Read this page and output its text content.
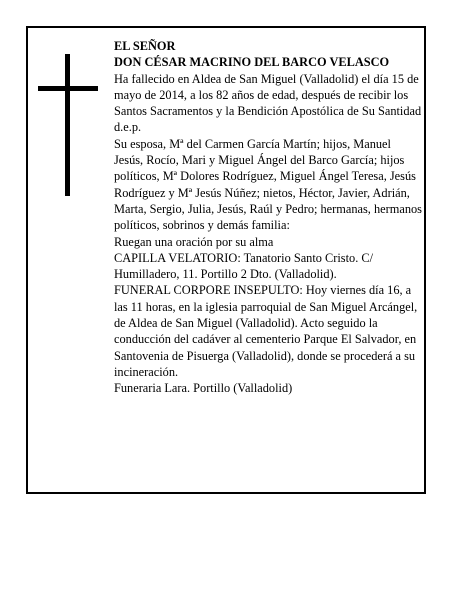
EL SEÑOR

DON CÉSAR MACRINO DEL BARCO VELASCO

Ha fallecido en Aldea de San Miguel (Valladolid) el día 15 de mayo de 2014, a los 82 años de edad, después de recibir los Santos Sacramentos y la Bendición Apostólica de Su Santidad

d.e.p.

Su esposa, Mª del Carmen García Martín; hijos, Manuel Jesús, Rocío, Mari y Miguel Ángel del Barco García; hijos políticos, Mª Dolores Rodríguez, Miguel Ángel Teresa, Jesús Rodríguez y Mª Jesús Núñez; nietos, Héctor, Javier, Adrián, Marta, Sergio, Julia, Jesús, Raúl y Pedro; hermanas, hermanos políticos, sobrinos y demás familia:

Ruegan una oración por su alma

CAPILLA VELATORIO: Tanatorio Santo Cristo. C/ Humilladero, 11. Portillo 2 Dto. (Valladolid).

FUNERAL CORPORE INSEPULTO: Hoy viernes día 16, a las 11 horas, en la iglesia parroquial de San Miguel Arcángel, de Aldea de San Miguel (Valladolid). Acto seguido la conducción del cadáver al cementerio Parque El Salvador, en Santovenia de Pisuerga (Valladolid), donde se procederá a su incineración.

Funeraria Lara. Portillo (Valladolid)
